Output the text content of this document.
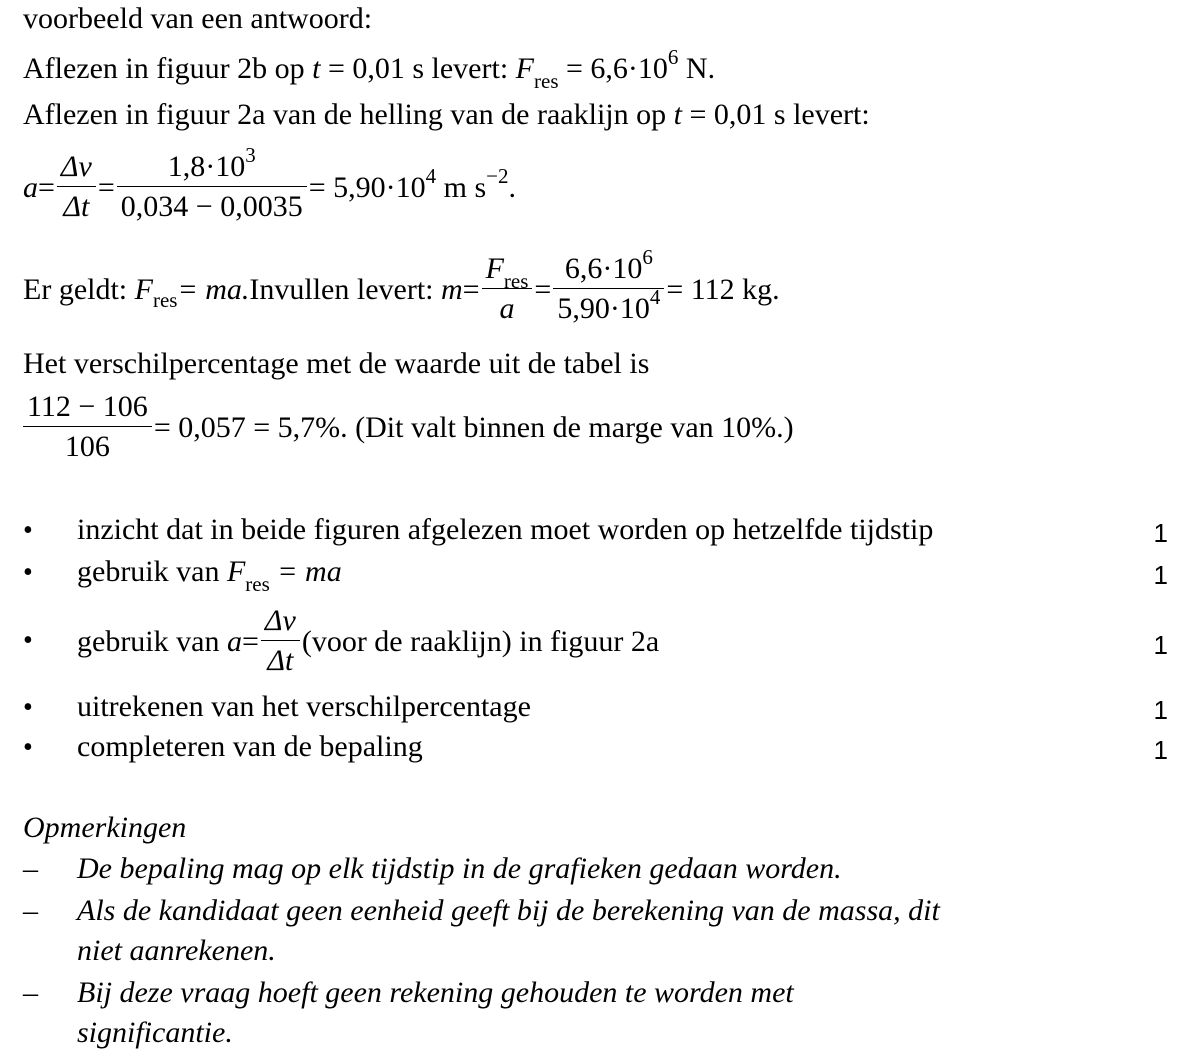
voorbeeld van een antwoord:
Aflezen in figuur 2b op t = 0,01 s levert: $F_{res} = 6,6\cdot 10^6$ N.
Aflezen in figuur 2a van de helling van de raaklijn op t = 0,01 s levert:
$a = \frac{\Delta v}{\Delta t} = \frac{1,8\cdot 10^3}{0,034 - 0,0035} = 5,90\cdot 10^4$ m $s^{-2}$.
Er geldt:
$F_{res}$ = ma. Invullen levert:
$m = \frac{F_{res}}{a} = \frac{6,6\cdot 10^6}{5,90\cdot 10^4} = 112$ kg.
Het verschilpercentage met de waarde uit de tabel is
$\frac{112 - 106}{106} = 0,057 = 5,7\%$. (Dit valt binnen de marge van 10%.)
• inzicht dat in beide figuren afgelezen moet worden op hetzelfde tijdstip	1
• gebruik van $F_{res}$ = ma	1
• gebruik van
$a = \frac{\Delta v}{\Delta t}$ (voor de raaklijn) in figuur 2a	1
• uitrekenen van het verschilpercentage	1
• completeren van de bepaling	1
Opmerkingen
– De bepaling mag op elk tijdstip in de grafieken gedaan worden.
– Als de kandidaat geen eenheid geeft bij de berekening van de massa, dit
niet aanrekenen.
– Bij deze vraag hoeft geen rekening gehouden te worden met
significantie.
